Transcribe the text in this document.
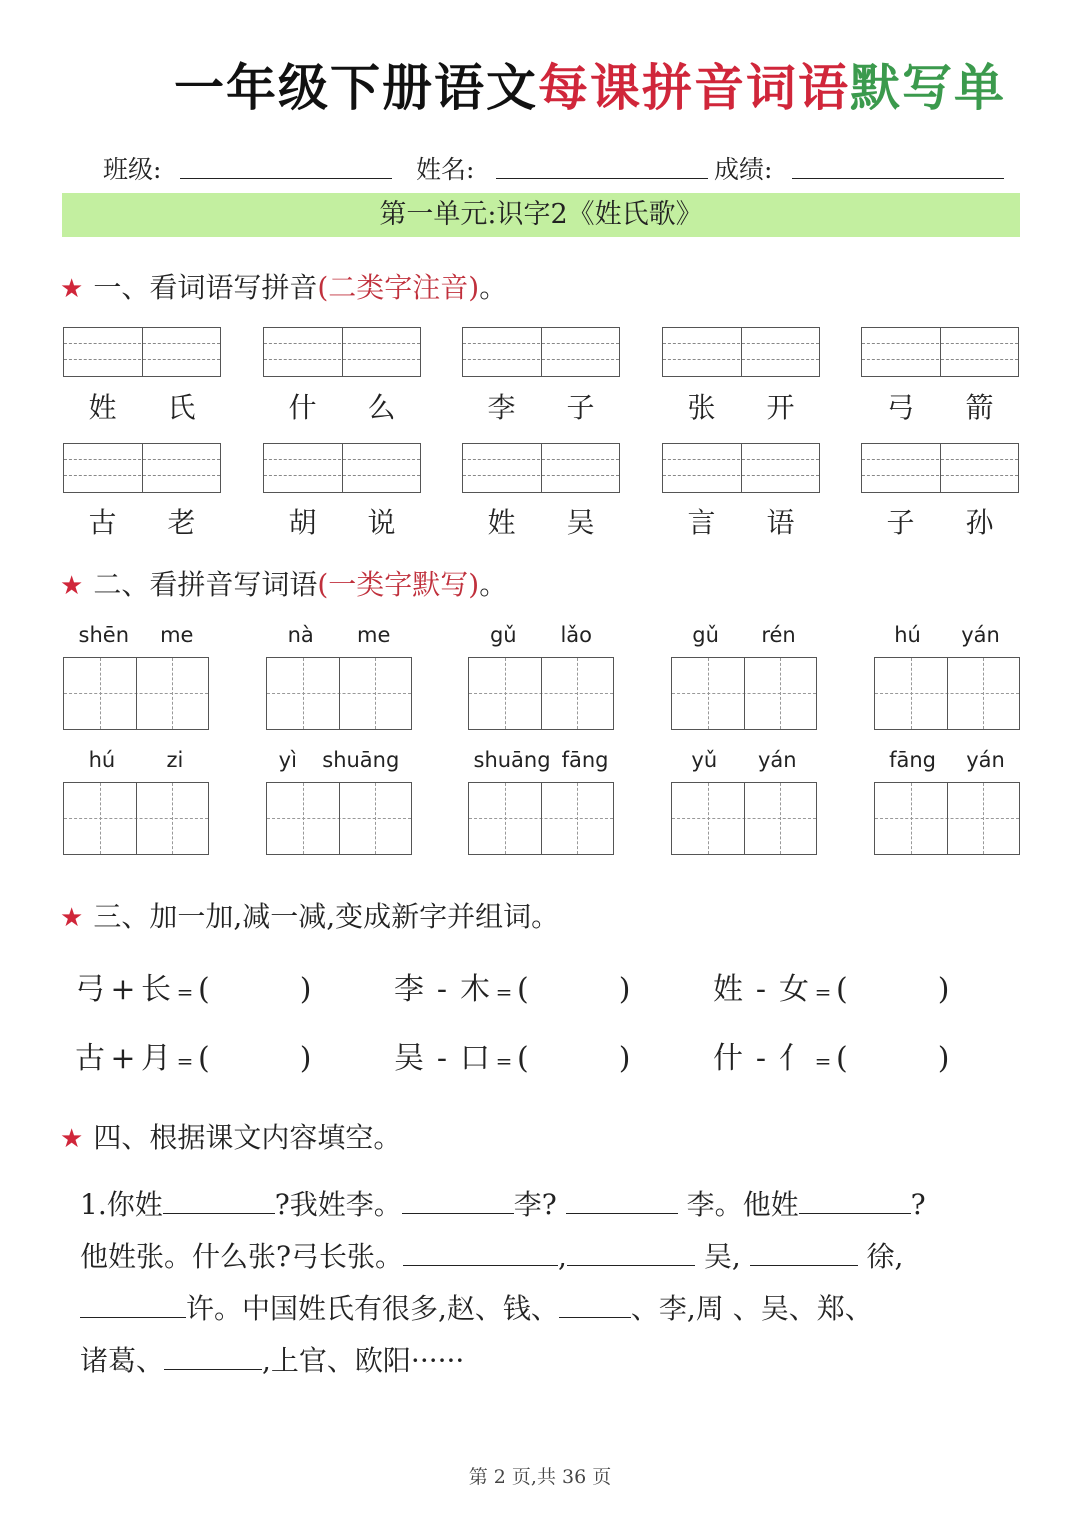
一年级下册语文每课拼音词语默写单
班级:	姓名:	成绩:
第一单元:识字2《姓氏歌》
★ 一、看词语写拼音(二类字注音)。
姓 氏	什 么	李 子	张 开	弓 箭
古 老	胡 说	姓 吴	言 语	子 孙
★ 二、看拼音写词语(一类字默写)。
shēn me	nà me	gǔ lǎo	gǔ rén	hú yán
hú zi	yì shuāng	shuāng fāng	yǔ yán	fāng yán
★ 三、加一加,减一减,变成新字并组词。
弓 + 长 = (	)	李 - 木 = (	)	姓 - 女 = (	)
古 + 月 = (	)	吴 - 口 = (	)	什 - 亻 = (	)
★ 四、根据课文内容填空。
1.你姓	?我姓李。	李?	李。他姓	?
他姓张。什么张?弓长张。	,	吴,	徐,
许。中国姓氏有很多,赵、钱、	、李,周 、吴、郑、
诸葛、	,上官、欧阳······
第 2 页,共 36 页
